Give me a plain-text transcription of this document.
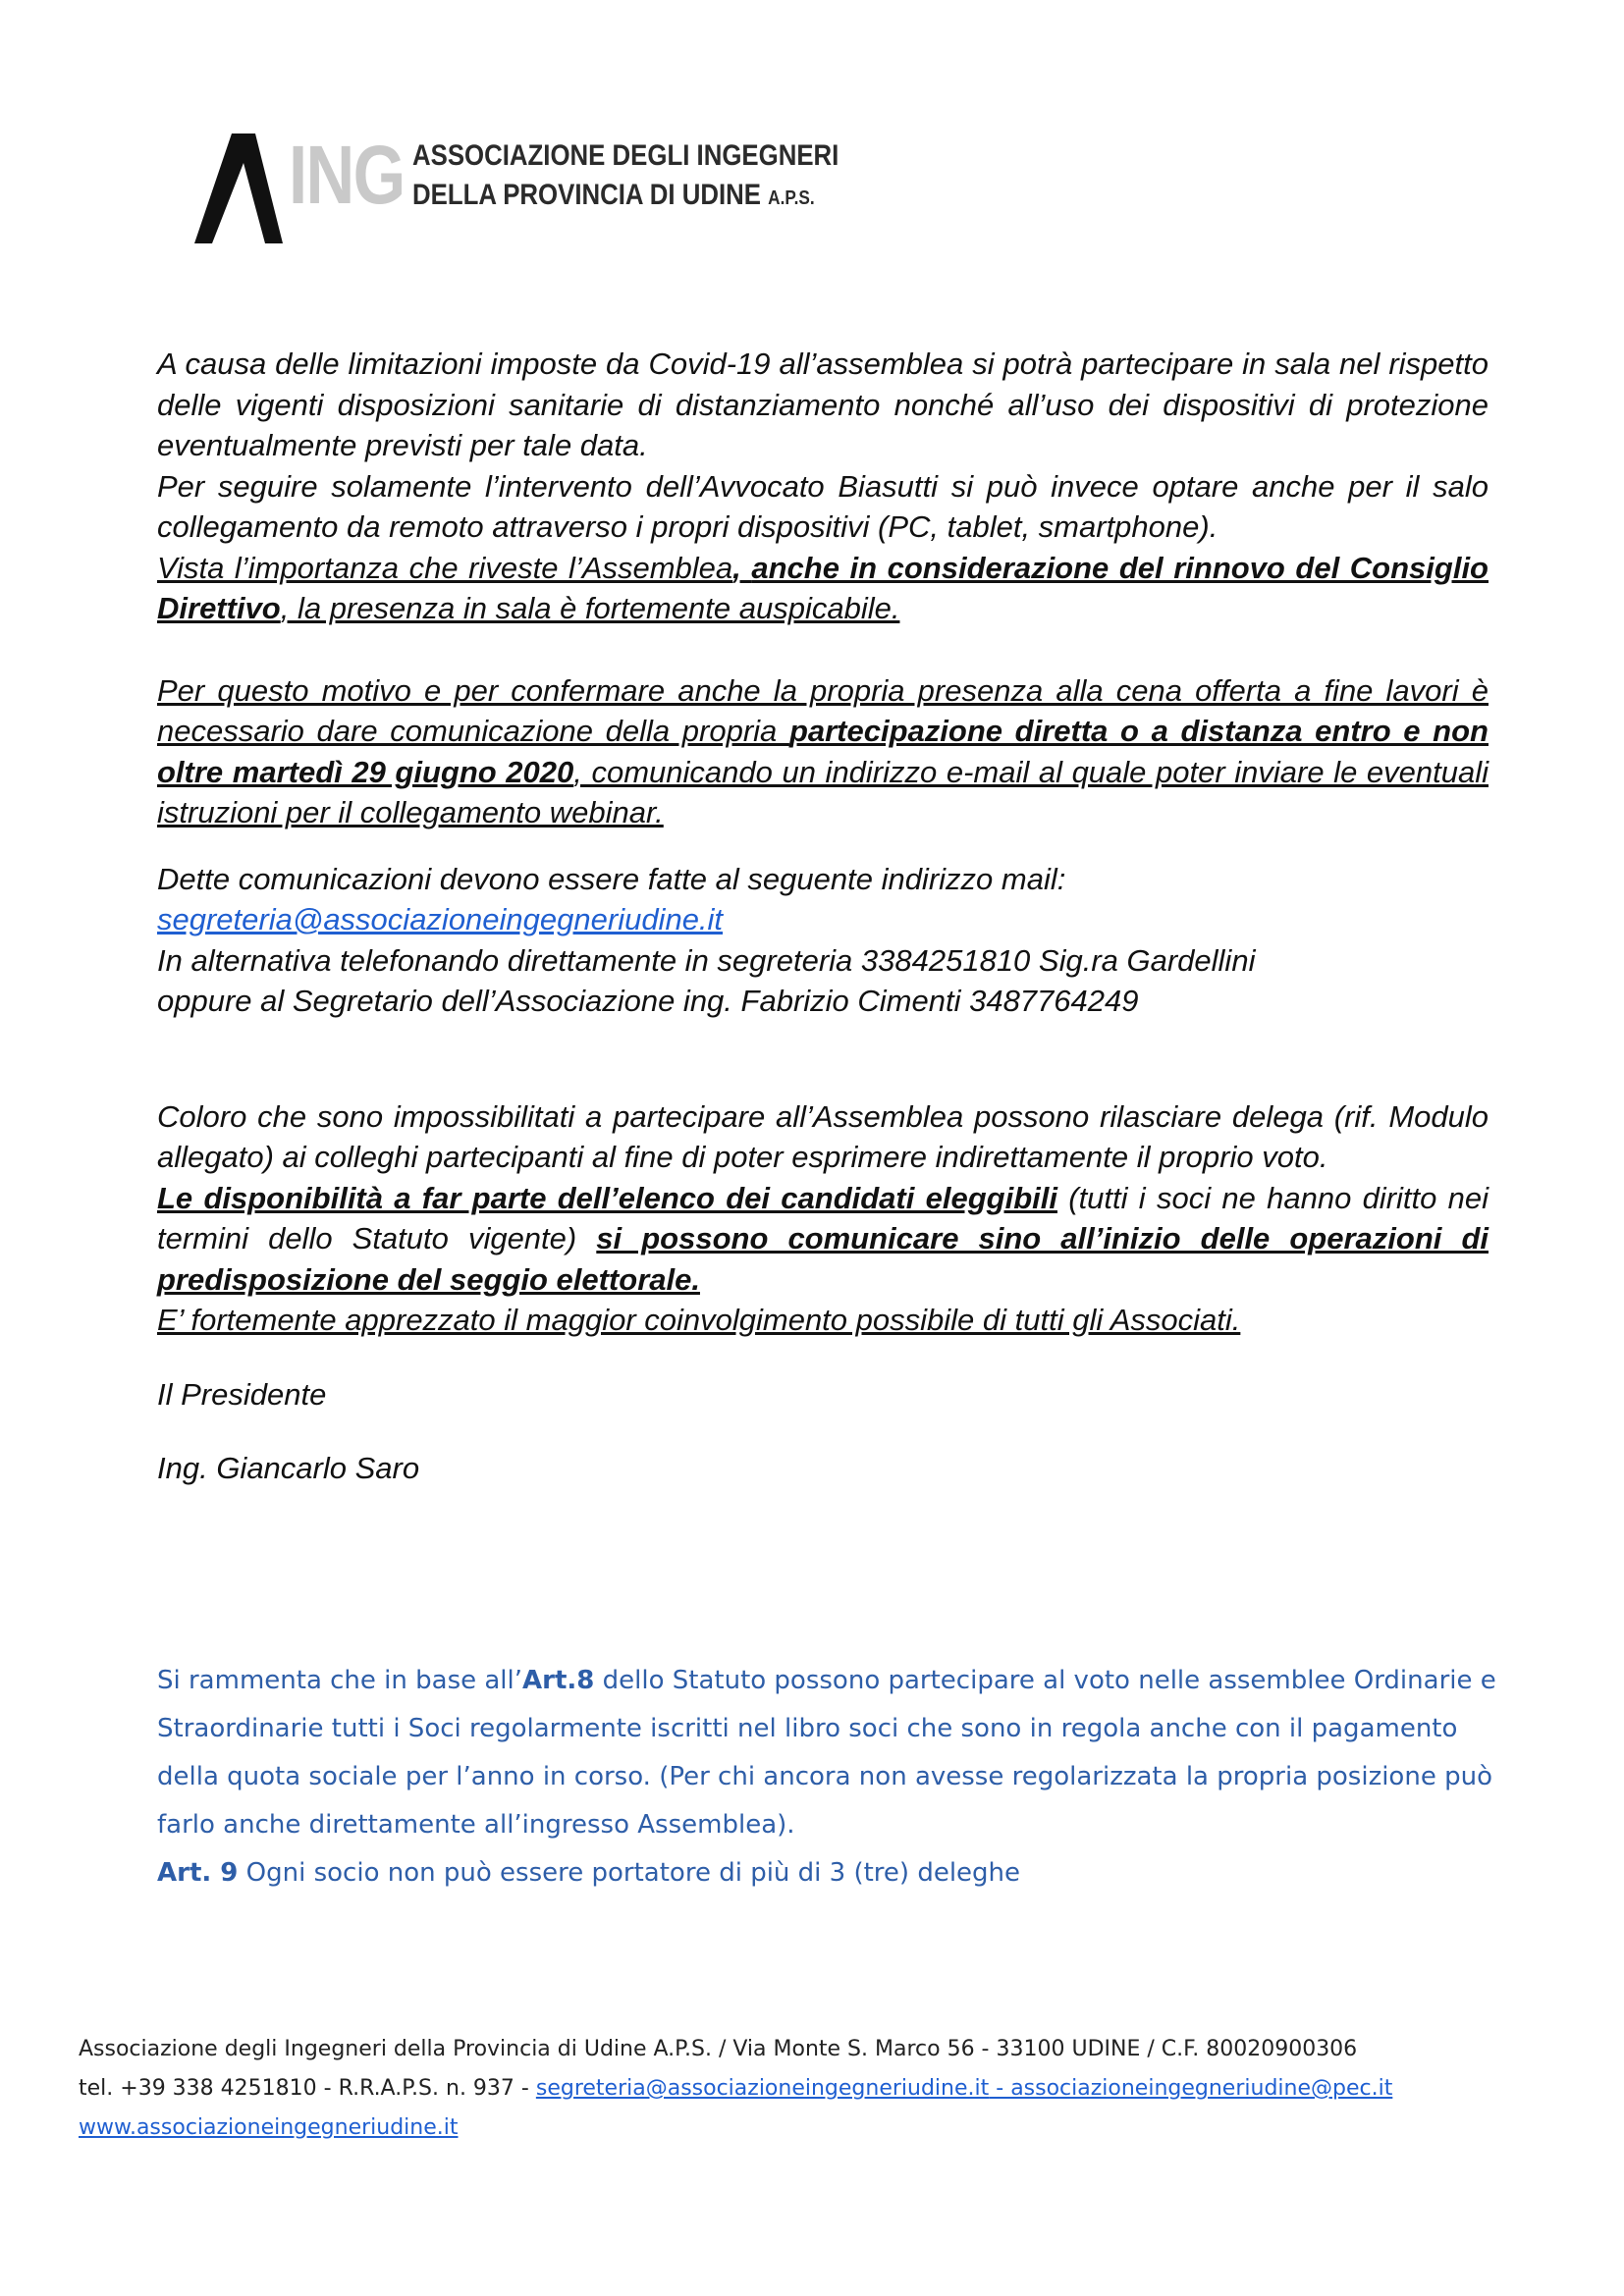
ING ASSOCIAZIONE DEGLI INGEGNERI
DELLA PROVINCIA DI UDINE A.P.S.

A causa delle limitazioni imposte da Covid-19 all’assemblea si potrà partecipare in sala nel rispetto delle vigenti disposizioni sanitarie di distanziamento nonché all’uso dei dispositivi di protezione eventualmente previsti per tale data.

Per seguire solamente l’intervento dell’Avvocato Biasutti si può invece optare anche per il salo collegamento da remoto attraverso i propri dispositivi (PC, tablet, smartphone).

Vista l’importanza che riveste l’Assemblea, anche in considerazione del rinnovo del Consiglio Direttivo, la presenza in sala è fortemente auspicabile.

Per questo motivo e per confermare anche la propria presenza alla cena offerta a fine lavori è necessario dare comunicazione della propria partecipazione diretta o a distanza entro e non oltre martedì 29 giugno 2020, comunicando un indirizzo e-mail al quale poter inviare le eventuali istruzioni per il collegamento webinar.

Dette comunicazioni devono essere fatte al seguente indirizzo mail:

segreteria@associazioneingegneriudine.it

In alternativa telefonando direttamente in segreteria 3384251810 Sig.ra Gardellini

oppure al Segretario dell’Associazione ing. Fabrizio Cimenti 3487764249

Coloro che sono impossibilitati a partecipare all’Assemblea possono rilasciare delega (rif. Modulo allegato) ai colleghi partecipanti al fine di poter esprimere indirettamente il proprio voto.

Le disponibilità a far parte dell’elenco dei candidati eleggibili (tutti i soci ne hanno diritto nei termini dello Statuto vigente) si possono comunicare sino all’inizio delle operazioni di predisposizione del seggio elettorale.

E’ fortemente apprezzato il maggior coinvolgimento possibile di tutti gli Associati.

Il Presidente

Ing. Giancarlo Saro

Si rammenta che in base all’Art.8 dello Statuto possono partecipare al voto nelle assemblee Ordinarie e Straordinarie tutti i Soci regolarmente iscritti nel libro soci che sono in regola anche con il pagamento della quota sociale per l’anno in corso. (Per chi ancora non avesse regolarizzata la propria posizione può farlo anche direttamente all’ingresso Assemblea).

Art. 9 Ogni socio non può essere portatore di più di 3 (tre) deleghe

Associazione degli Ingegneri della Provincia di Udine A.P.S. / Via Monte S. Marco 56 - 33100 UDINE / C.F. 80020900306

tel. +39 338 4251810 - R.R.A.P.S. n. 937 - segreteria@associazioneingegneriudine.it - associazioneingegneriudine@pec.it

www.associazioneingegneriudine.it
